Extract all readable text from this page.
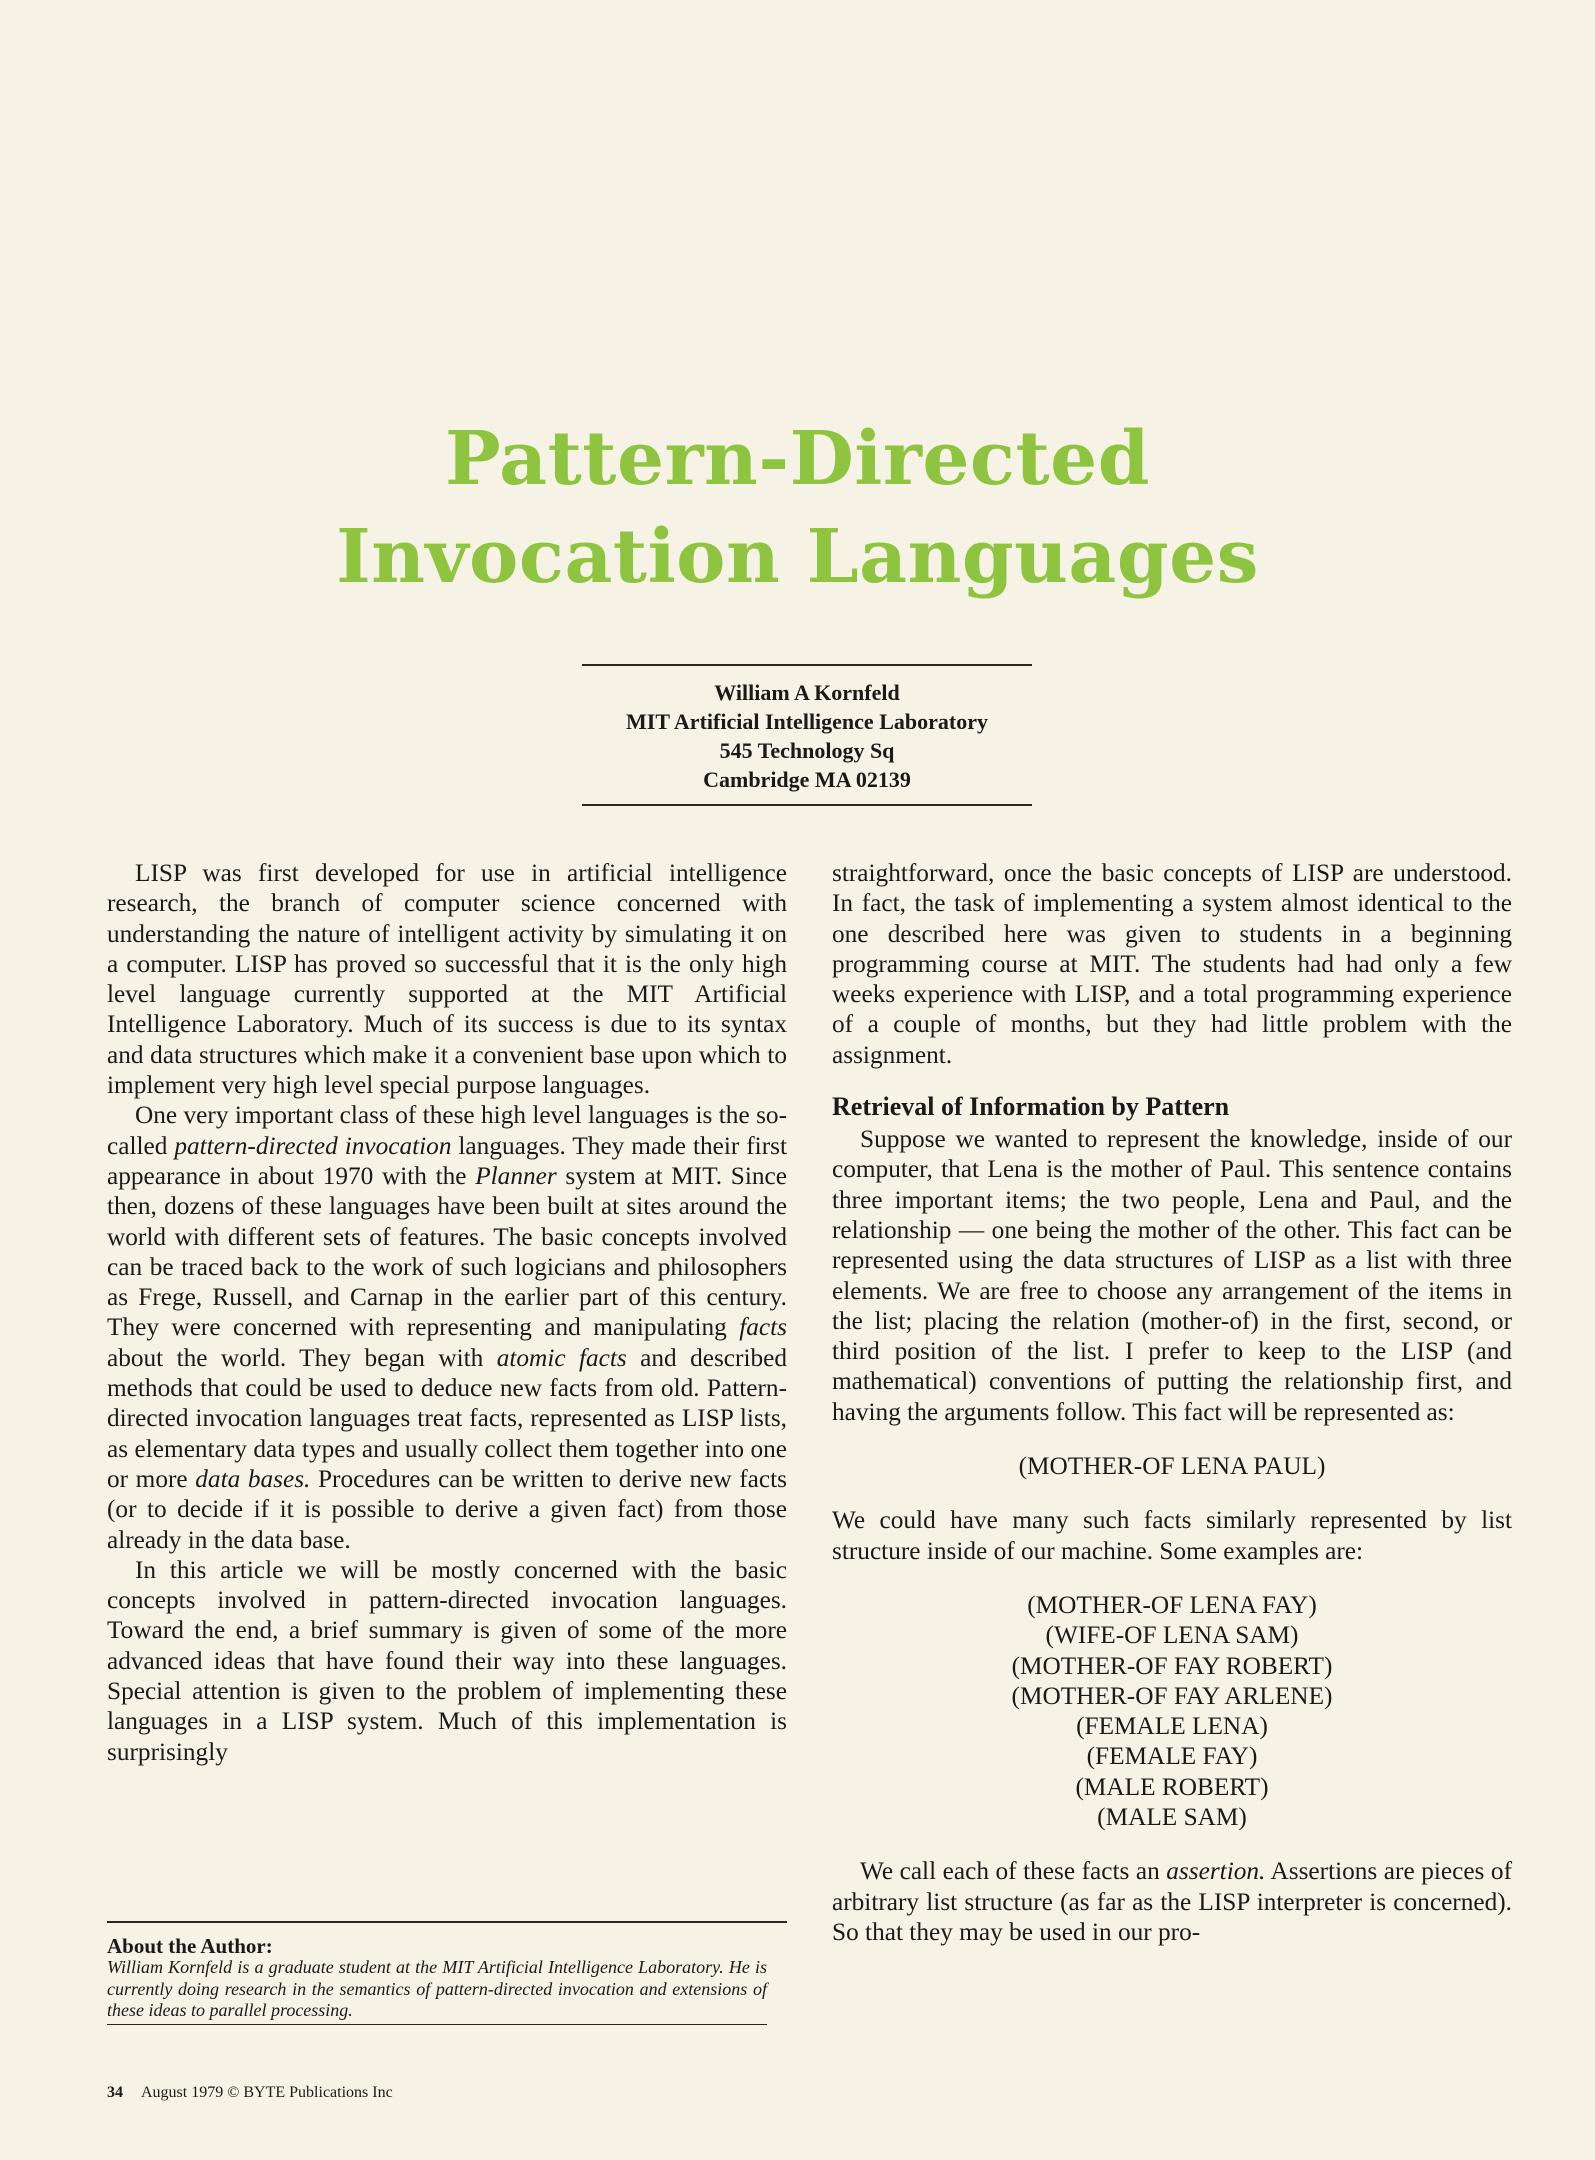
Pattern-Directed
Invocation Languages
William A Kornfeld
MIT Artificial Intelligence Laboratory
545 Technology Sq
Cambridge MA 02139

LISP was first developed for use in artificial intelligence research, the branch of computer science concerned with understanding the nature of intelligent activity by simulating it on a computer. LISP has proved so successful that it is the only high level language currently supported at the MIT Artificial Intelligence Laboratory. Much of its success is due to its syntax and data structures which make it a convenient base upon which to implement very high level special purpose languages.

One very important class of these high level languages is the so-called pattern-directed invocation languages. They made their first appearance in about 1970 with the Planner system at MIT. Since then, dozens of these languages have been built at sites around the world with different sets of features. The basic concepts involved can be traced back to the work of such logicians and philosophers as Frege, Russell, and Carnap in the earlier part of this century. They were concerned with representing and manipulating facts about the world. They began with atomic facts and described methods that could be used to deduce new facts from old. Pattern-directed invocation languages treat facts, represented as LISP lists, as elementary data types and usually collect them together into one or more data bases. Procedures can be written to derive new facts (or to decide if it is possible to derive a given fact) from those already in the data base.

In this article we will be mostly concerned with the basic concepts involved in pattern-directed invocation languages. Toward the end, a brief summary is given of some of the more advanced ideas that have found their way into these languages. Special attention is given to the problem of implementing these languages in a LISP system. Much of this implementation is surprisingly

straightforward, once the basic concepts of LISP are understood. In fact, the task of implementing a system almost identical to the one described here was given to students in a beginning programming course at MIT. The students had had only a few weeks experience with LISP, and a total programming experience of a couple of months, but they had little problem with the assignment.

Retrieval of Information by Pattern

Suppose we wanted to represent the knowledge, inside of our computer, that Lena is the mother of Paul. This sentence contains three important items; the two people, Lena and Paul, and the relationship — one being the mother of the other. This fact can be represented using the data structures of LISP as a list with three elements. We are free to choose any arrangement of the items in the list; placing the relation (mother-of) in the first, second, or third position of the list. I prefer to keep to the LISP (and mathematical) conventions of putting the relationship first, and having the arguments follow. This fact will be represented as:

(MOTHER-OF LENA PAUL)

We could have many such facts similarly represented by list structure inside of our machine. Some examples are:

(MOTHER-OF LENA FAY)
(WIFE-OF LENA SAM)
(MOTHER-OF FAY ROBERT)
(MOTHER-OF FAY ARLENE)
(FEMALE LENA)
(FEMALE FAY)
(MALE ROBERT)
(MALE SAM)

We call each of these facts an assertion. Assertions are pieces of arbitrary list structure (as far as the LISP interpreter is concerned). So that they may be used in our pro-

About the Author:
William Kornfeld is a graduate student at the MIT Artificial Intelligence Laboratory. He is currently doing research in the semantics of pattern-directed invocation and extensions of these ideas to parallel processing.
34 August 1979 © BYTE Publications Inc
